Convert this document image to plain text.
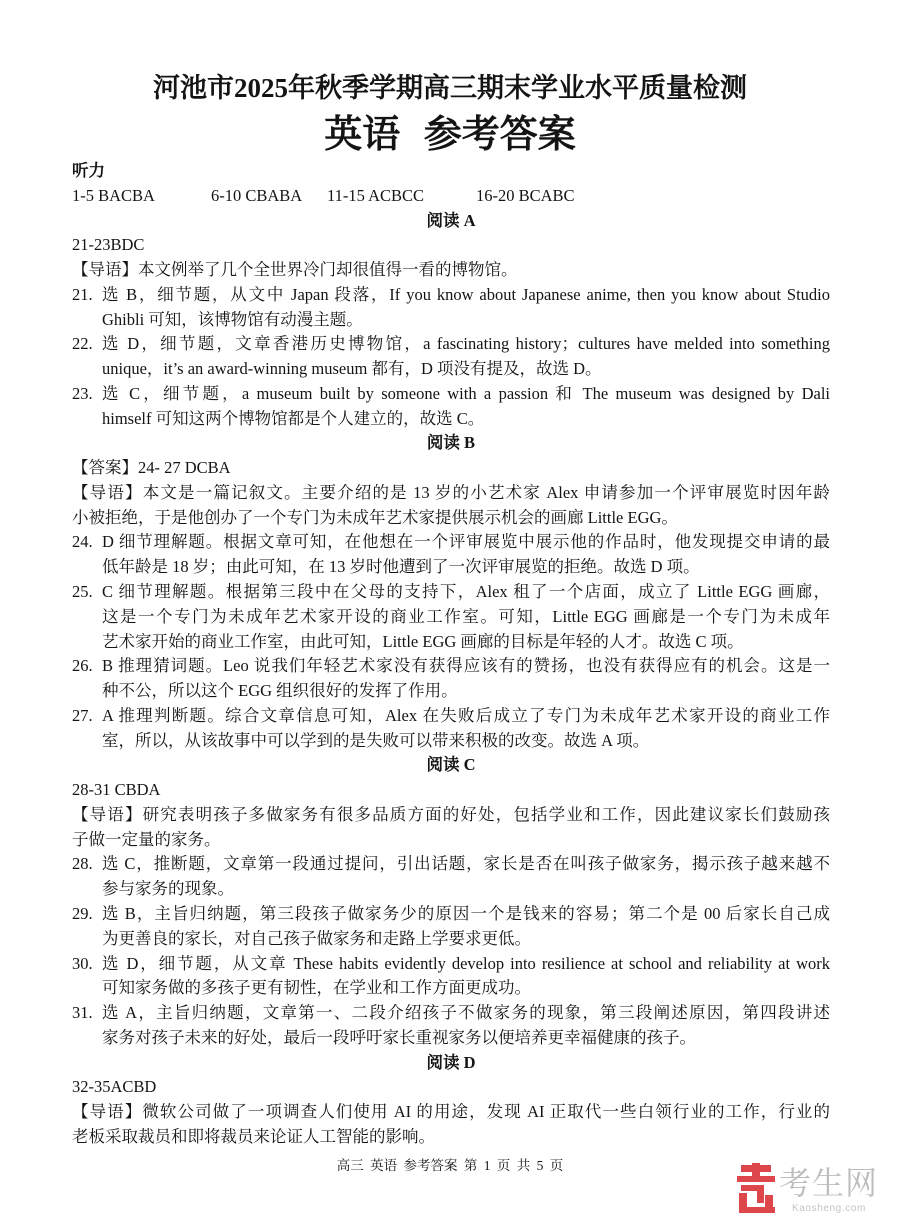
河池市2025年秋季学期高三期末学业水平质量检测
英语 参考答案
听力
1-5 BACBA	6-10 CBABA 11-15 ACBCC	16-20 BCABC
阅读 A
21-23BDC
【导语】本文例举了几个全世界冷门却很值得一看的博物馆。
21. 选 B，细节题，从文中 Japan 段落，If you know about Japanese anime, then you know about Studio
Ghibli 可知，该博物馆有动漫主题。
22. 选 D，细节题，文章香港历史博物馆，a fascinating history；cultures have melded into something
unique，it’s an award-winning museum 都有，D 项没有提及，故选 D。
23. 选 C，细节题，a museum built by someone with a passion 和 The museum was designed by Dali
himself 可知这两个博物馆都是个人建立的，故选 C。
阅读 B
【答案】24- 27 DCBA
【导语】本文是一篇记叙文。主要介绍的是 13 岁的小艺术家 Alex 申请参加一个评审展览时因年龄
小被拒绝，于是他创办了一个专门为未成年艺术家提供展示机会的画廊 Little EGG。
24. D 细节理解题。根据文章可知，在他想在一个评审展览中展示他的作品时，他发现提交申请的最
低年龄是 18 岁；由此可知，在 13 岁时他遭到了一次评审展览的拒绝。故选 D 项。
25. C 细节理解题。根据第三段中在父母的支持下，Alex 租了一个店面，成立了 Little EGG 画廊，
这是一个专门为未成年艺术家开设的商业工作室。可知，Little EGG 画廊是一个专门为未成年
艺术家开始的商业工作室，由此可知，Little EGG 画廊的目标是年轻的人才。故选 C 项。
26. B 推理猜词题。Leo 说我们年轻艺术家没有获得应该有的赞扬，也没有获得应有的机会。这是一
种不公，所以这个 EGG 组织很好的发挥了作用。
27. A 推理判断题。综合文章信息可知，Alex 在失败后成立了专门为未成年艺术家开设的商业工作
室，所以，从该故事中可以学到的是失败可以带来积极的改变。故选 A 项。
阅读 C
28-31 CBDA
【导语】研究表明孩子多做家务有很多品质方面的好处，包括学业和工作，因此建议家长们鼓励孩
子做一定量的家务。
28. 选 C，推断题，文章第一段通过提问，引出话题，家长是否在叫孩子做家务，揭示孩子越来越不
参与家务的现象。
29. 选 B，主旨归纳题，第三段孩子做家务少的原因一个是钱来的容易；第二个是 00 后家长自己成
为更善良的家长，对自己孩子做家务和走路上学要求更低。
30. 选 D，细节题，从文章 These habits evidently develop into resilience at school and reliability at work
可知家务做的多孩子更有韧性，在学业和工作方面更成功。
31. 选 A，主旨归纳题，文章第一、二段介绍孩子不做家务的现象，第三段阐述原因，第四段讲述
家务对孩子未来的好处，最后一段呼吁家长重视家务以便培养更幸福健康的孩子。
阅读 D
32-35ACBD
【导语】微软公司做了一项调查人们使用 AI 的用途，发现 AI 正取代一些白领行业的工作，行业的
老板采取裁员和即将裁员来论证人工智能的影响。
高三 英语 参考答案 第 1 页 共 5 页	考生网
Kaosheng.com
